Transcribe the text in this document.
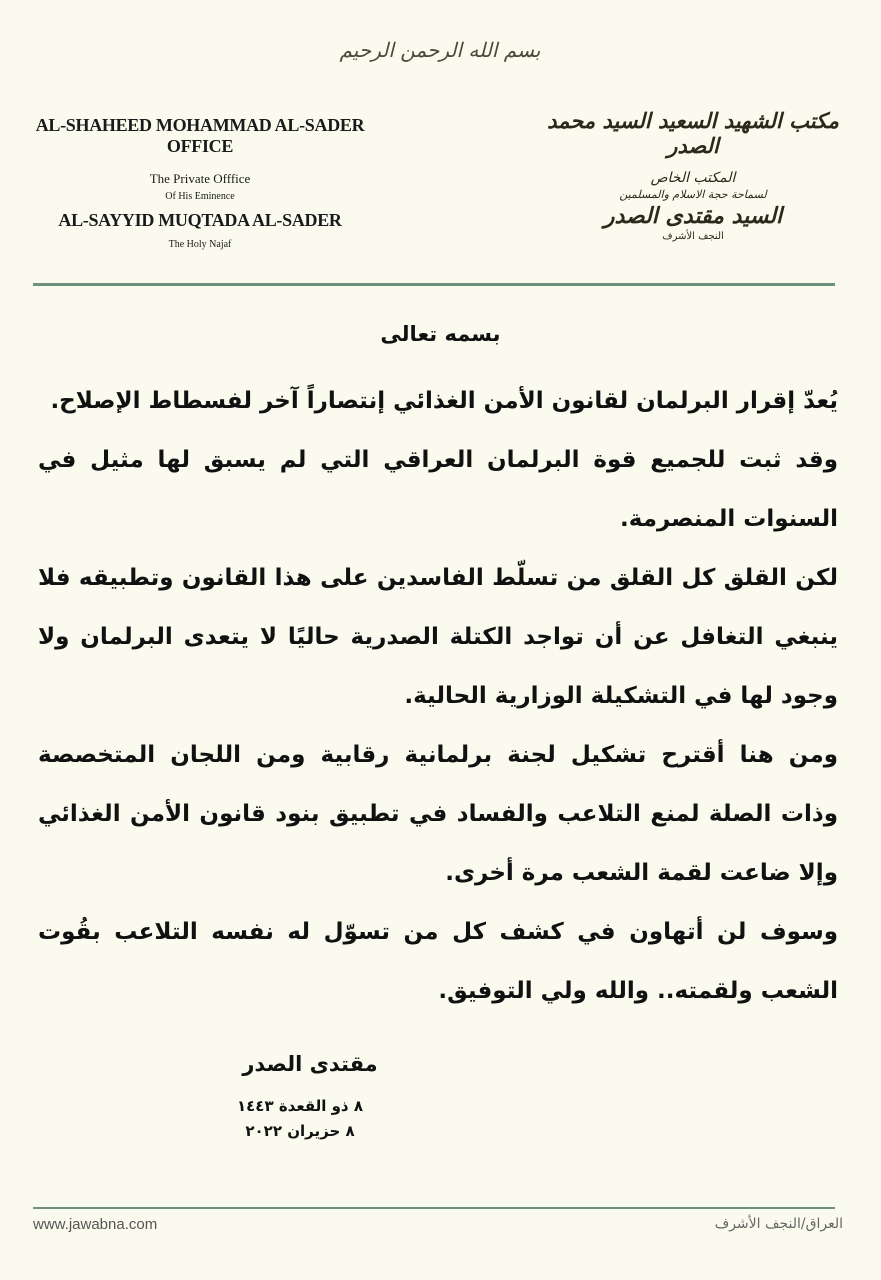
بسم الله الرحمن الرحيم
AL-SHAHEED MOHAMMAD AL-SADER OFFICE
The Private Offfice
Of His Eminence
AL-SAYYID MUQTADA AL-SADER
The Holy Najaf
مكتب الشهيد السعيد السيد محمد الصدر
المكتب الخاص
لسماحة حجة الاسلام والمسلمين
السيد مقتدى الصدر
النجف الأشرف
بسمه تعالى

يُعدّ إقرار البرلمان لقانون الأمن الغذائي إنتصاراً آخر لفسطاط الإصلاح.

وقد ثبت للجميع قوة البرلمان العراقي التي لم يسبق لها مثيل في السنوات المنصرمة.

لكن القلق كل القلق من تسلّط الفاسدين على هذا القانون وتطبيقه فلا ينبغي التغافل عن أن تواجد الكتلة الصدرية حاليًا لا يتعدى البرلمان ولا وجود لها في التشكيلة الوزارية الحالية.

ومن هنا أقترح تشكيل لجنة برلمانية رقابية ومن اللجان المتخصصة وذات الصلة لمنع التلاعب والفساد في تطبيق بنود قانون الأمن الغذائي وإلا ضاعت لقمة الشعب مرة أخرى.

وسوف لن أتهاون في كشف كل من تسوّل له نفسه التلاعب بقُوت الشعب ولقمته.. والله ولي التوفيق.

مقتدى الصدر
٨ ذو القعدة ١٤٤٣
٨ حزيران ٢٠٢٢
www.jawabna.com	العراق/النجف الأشرف
